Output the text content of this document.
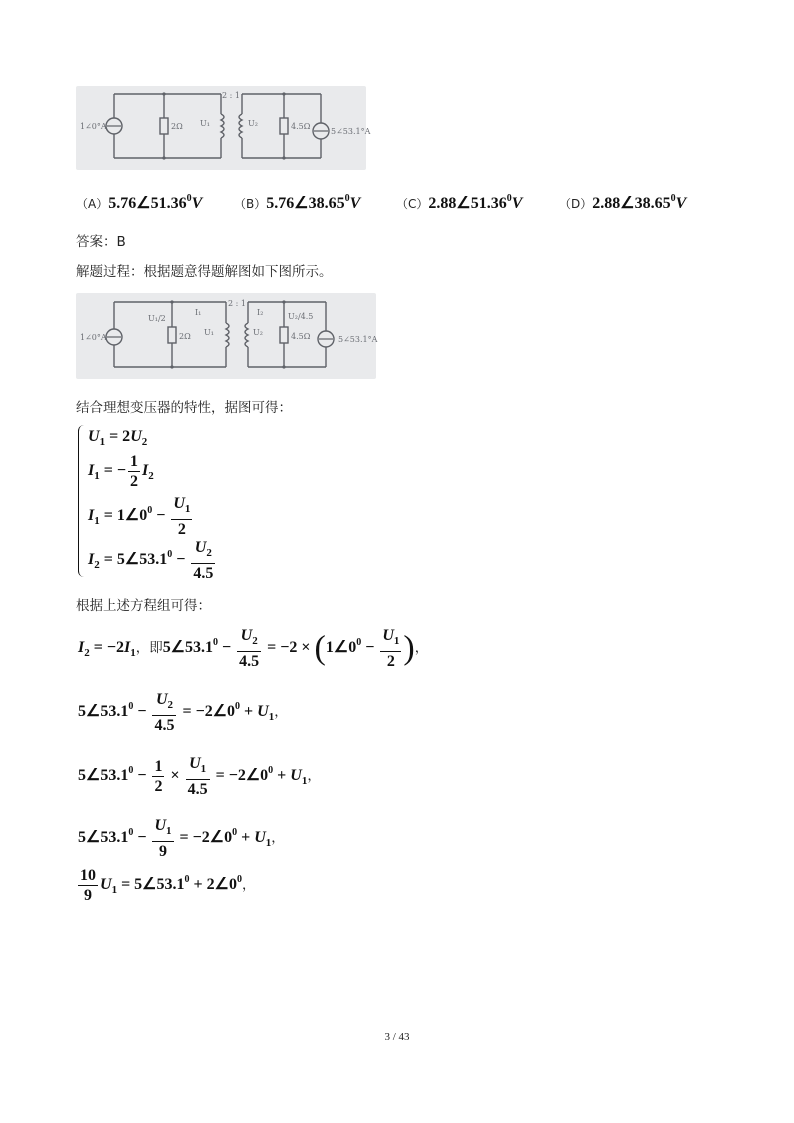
1∠0°A	2Ω
2 : 1
U₁	U₂	4.5Ω
5∠53.1°A
（A）5.76∠51.36$^0$V	（B）5.76∠38.65$^0$V	（C）2.88∠51.36$^0$V	（D）2.88∠38.65$^0$V
答案：B
解题过程：根据题意得题解图如下图所示。
1∠0°A
U₁/2
2Ω
I₁
2 : 1
I₂
U₁	U₂
U₂/4.5
4.5Ω	5∠53.1°A
结合理想变压器的特性，据图可得：
$U_1 = 2U_2$
$I_1$ = − $\frac{1}{2} I_2$
$I_1$ = $1\angle 0^0 - \frac{U_1}{2}$
$I_2$ = $5\angle 53.1^0 - \frac{U_2}{4.5}$
根据上述方程组可得：
$I_2 = -2I_1$，即$5\angle 53.1^0 - \frac{U_2}{4.5} = -2$ × ($1\angle 0^0 - \frac{U_1}{2}$ )，
$5\angle 53.1^0 - \frac{U_2}{4.5}$ = $-2\angle 0^0 + U_1$，
$5\angle 53.1^0 - \frac{1}{2} \times \frac{U_1}{4.5}$ = $-2\angle 0^0 + U_1$，
$5\angle 53.1^0 - \frac{U_1}{9}$ = $-2\angle 0^0 + U_1$，
$\frac{10}{9} U_1$ = $5\angle 53.1^0$ + $2\angle 0^0$，
3 / 43
